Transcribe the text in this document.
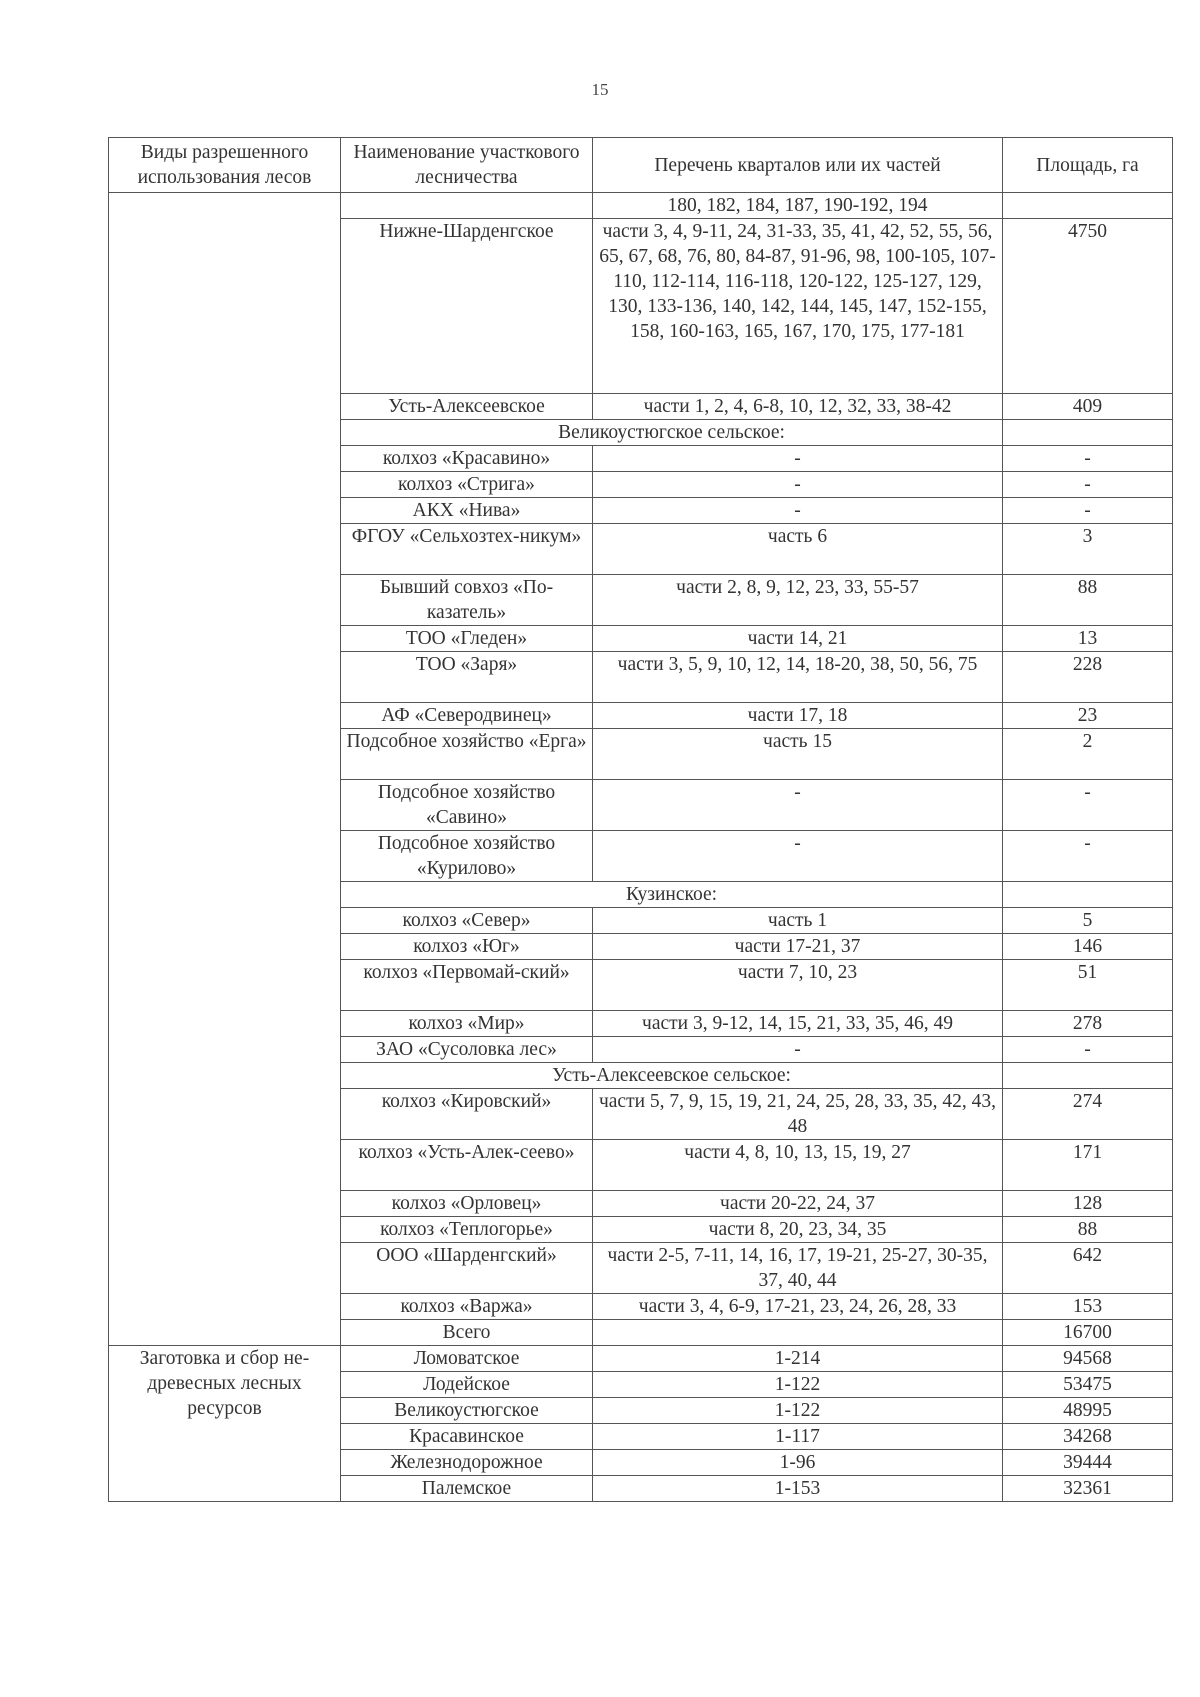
15
Виды разрешенного использования лесов	Наименование участкового лесничества	Перечень кварталов или их частей	Площадь, га
		180, 182, 184, 187, 190-192, 194	
	Нижне-Шарденгское	части 3, 4, 9-11, 24, 31-33, 35, 41, 42, 52, 55, 56, 65, 67, 68, 76, 80, 84-87, 91-96, 98, 100-105, 107-110, 112-114, 116-118, 120-122, 125-127, 129, 130, 133-136, 140, 142, 144, 145, 147, 152-155, 158, 160-163, 165, 167, 170, 175, 177-181	4750
	Усть-Алексеевское	части 1, 2, 4, 6-8, 10, 12, 32, 33, 38-42	409
	Великоустюгское сельское:		
	колхоз «Красавино»	-	-
	колхоз «Стрига»	-	-
	АКХ «Нива»	-	-
	ФГОУ «Сельхозтех-никум»	часть 6	3
	Бывший совхоз «По-казатель»	части 2, 8, 9, 12, 23, 33, 55-57	88
	ТОО «Гледен»	части 14, 21	13
	ТОО «Заря»	части 3, 5, 9, 10, 12, 14, 18-20, 38, 50, 56, 75	228
	АФ «Северодвинец»	части 17, 18	23
	Подсобное хозяйство «Ерга»	часть 15	2
	Подсобное хозяйство «Савино»	-	-
	Подсобное хозяйство «Курилово»	-	-
	Кузинское:		
	колхоз «Север»	часть 1	5
	колхоз «Юг»	части 17-21, 37	146
	колхоз «Первомай-ский»	части 7, 10, 23	51
	колхоз «Мир»	части 3, 9-12, 14, 15, 21, 33, 35, 46, 49	278
	ЗАО «Сусоловка лес»	-	-
	Усть-Алексеевское сельское:		
	колхоз «Кировский»	части 5, 7, 9, 15, 19, 21, 24, 25, 28, 33, 35, 42, 43, 48	274
	колхоз «Усть-Алек-сеево»	части 4, 8, 10, 13, 15, 19, 27	171
	колхоз «Орловец»	части 20-22, 24, 37	128
	колхоз «Теплогорье»	части 8, 20, 23, 34, 35	88
	ООО «Шарденгский»	части 2-5, 7-11, 14, 16, 17, 19-21, 25-27, 30-35, 37, 40, 44	642
	колхоз «Варжа»	части 3, 4, 6-9, 17-21, 23, 24, 26, 28, 33	153
	Всего		16700
Заготовка и сбор не-древесных лесных ресурсов	Ломоватское	1-214	94568
	Лодейское	1-122	53475
	Великоустюгское	1-122	48995
	Красавинское	1-117	34268
	Железнодорожное	1-96	39444
	Палемское	1-153	32361
